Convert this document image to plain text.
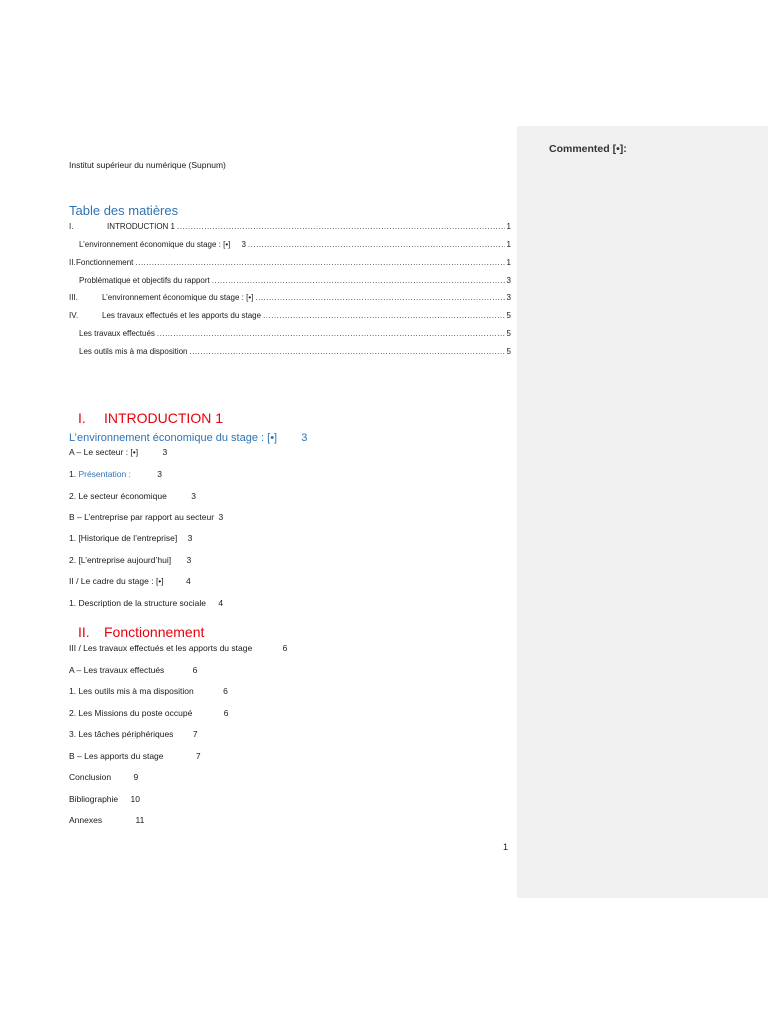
Commented [•]:
Institut supérieur du numérique (Supnum)
Table des matières
I.	INTRODUCTION 1 .....	1
L’environnement économique du stage : [•]     3 .....	1
II. Fonctionnement .....	1
Problématique et objectifs du rapport .....	3
III.	L’environnement économique du stage : [•] .....	3
IV.	Les travaux effectués et les apports du stage .....	5
Les travaux effectués .....	5
Les outils mis à ma disposition .....	5
I.	INTRODUCTION 1
L’environnement économique du stage : [•] 3
A – Le secteur : [•]	3
1. Présentation :	3
2. Le secteur économique	3
B – L’entreprise par rapport au secteur 3
1. [Historique de l’entreprise] 3
2. [L’entreprise aujourd’hui] 3
II / Le cadre du stage : [•]	4
1. Description de la structure sociale 4
II.	Fonctionnement
III / Les travaux effectués et les apports du stage	6
A – Les travaux effectués	6
1. Les outils mis à ma disposition	6
2. Les Missions du poste occupé	6
3. Les tâches périphériques 7
B – Les apports du stage	7
Conclusion	9
Bibliographie 10
Annexes	11
1
